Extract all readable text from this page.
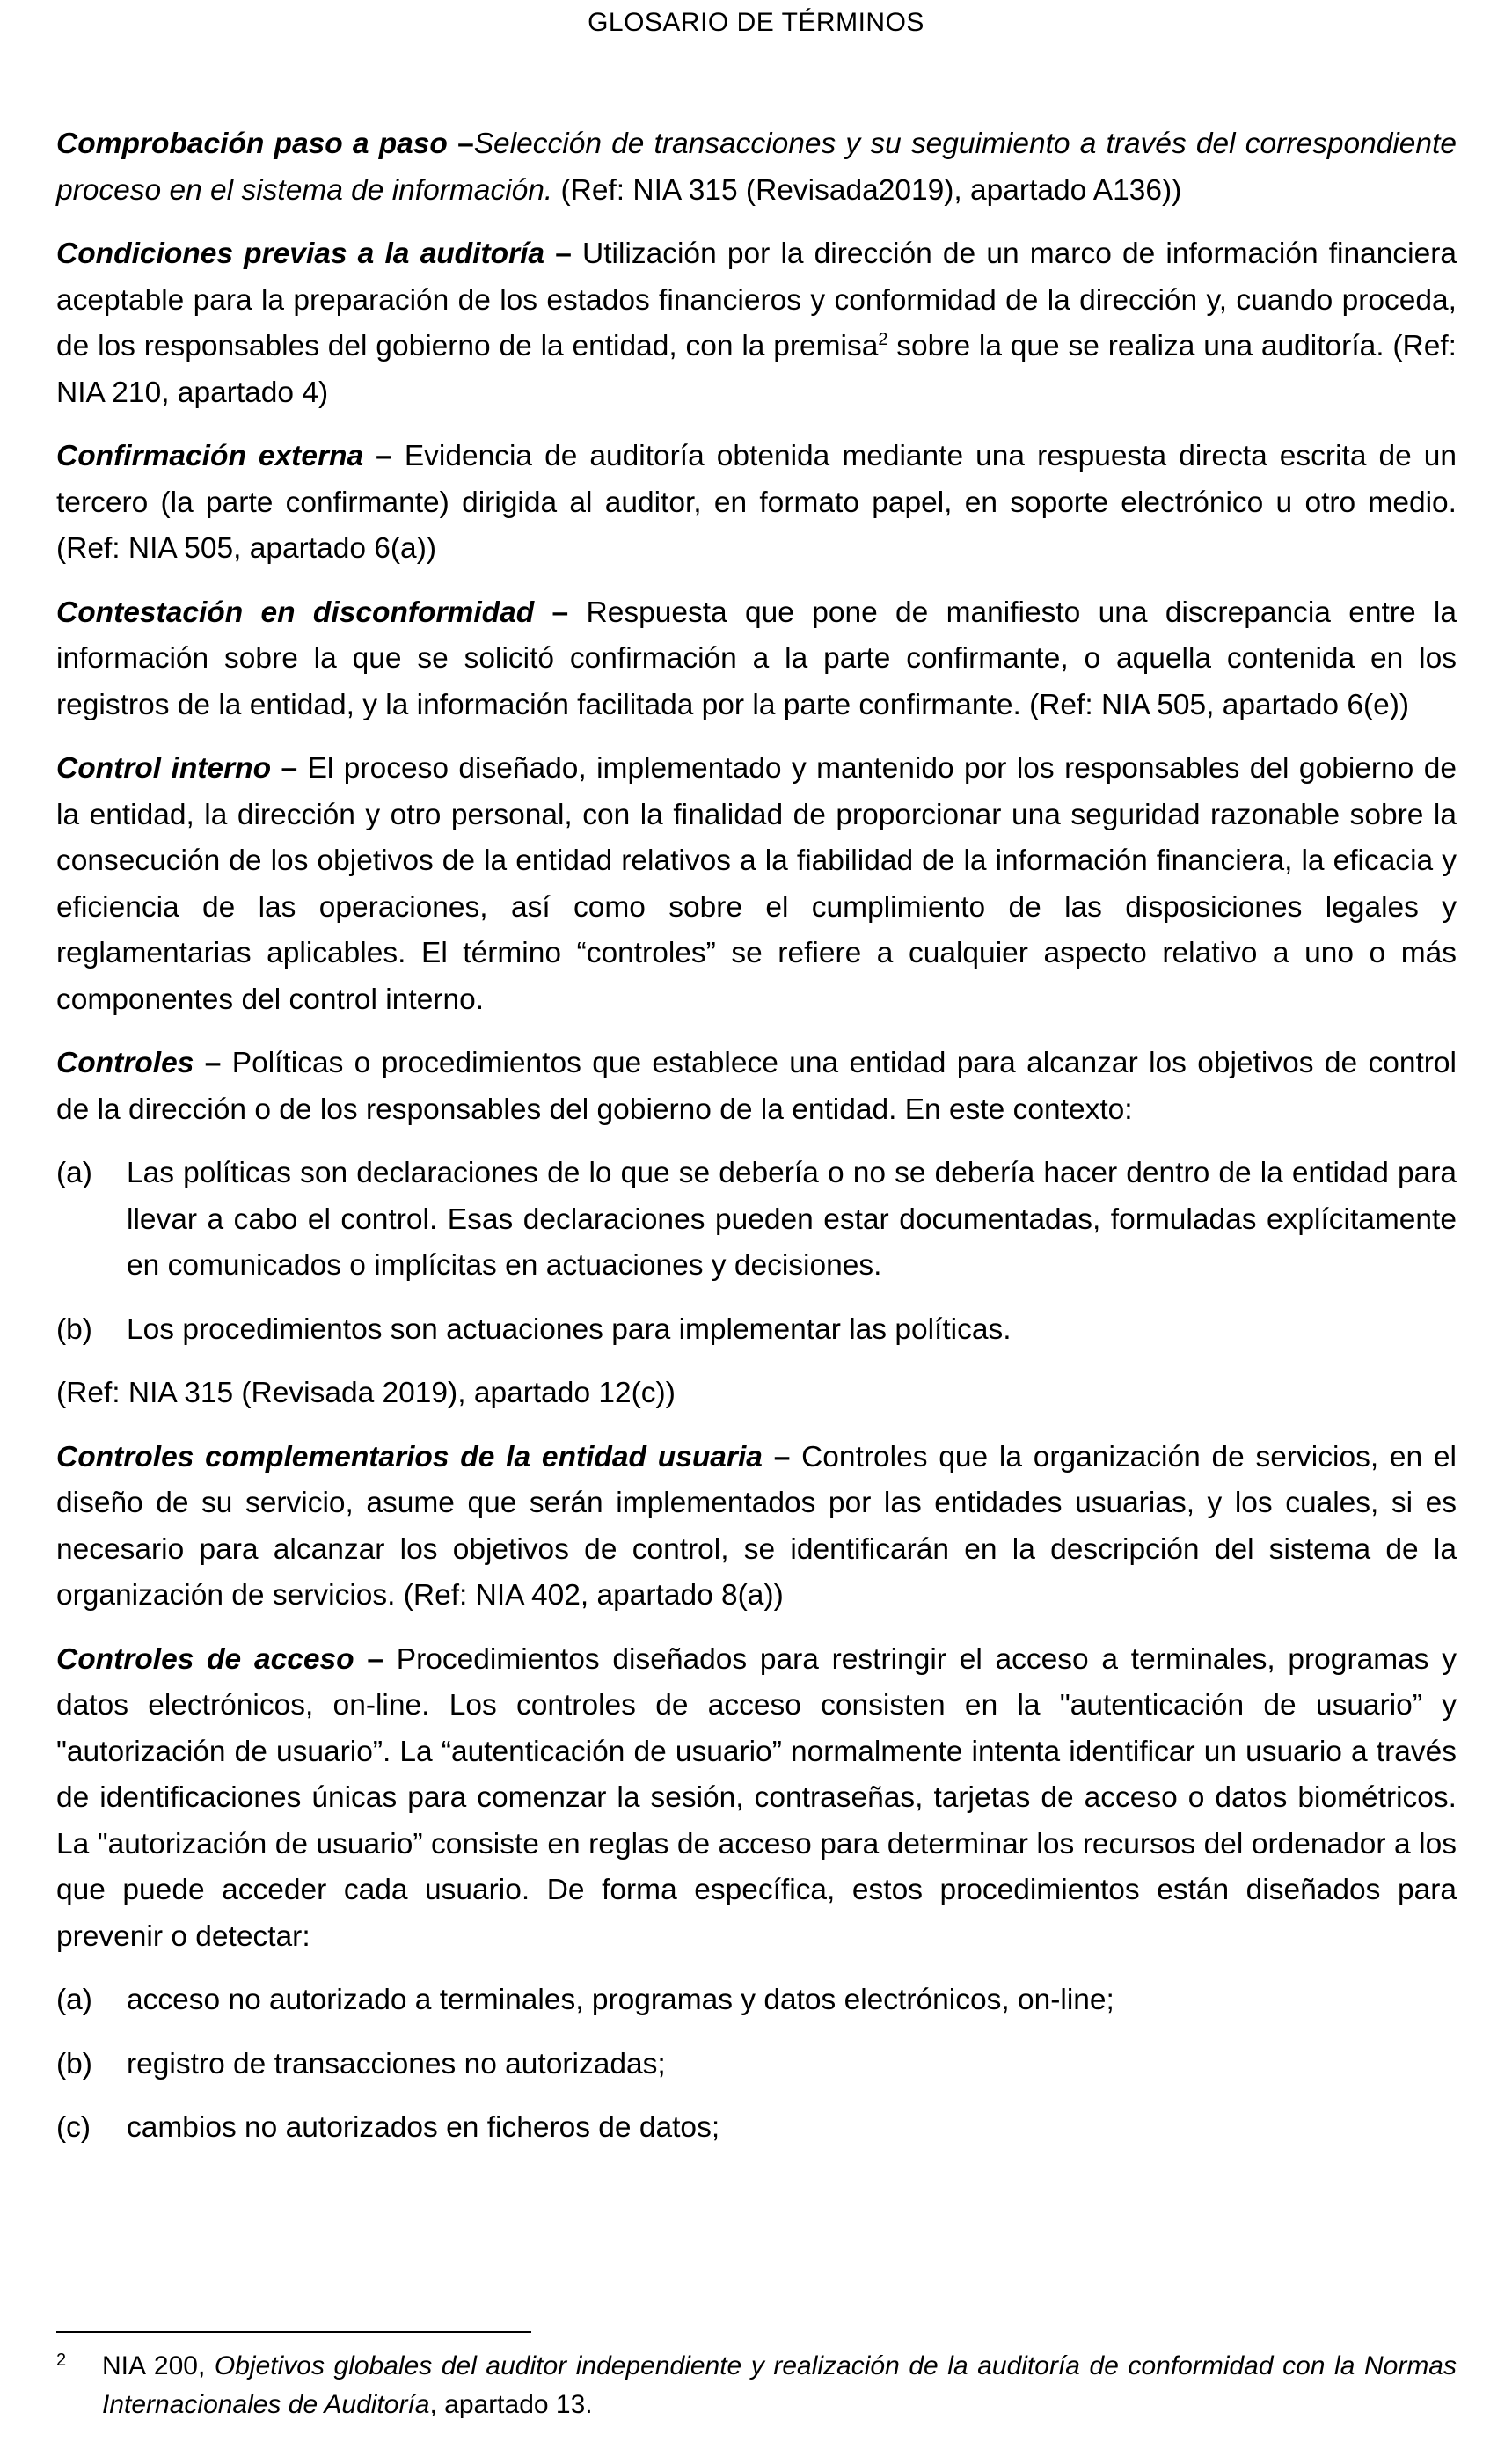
GLOSARIO DE TÉRMINOS

Comprobación paso a paso –Selección de transacciones y su seguimiento a través del correspondiente proceso en el sistema de información. (Ref: NIA 315 (Revisada2019), apartado A136))

Condiciones previas a la auditoría – Utilización por la dirección de un marco de información financiera aceptable para la preparación de los estados financieros y conformidad de la dirección y, cuando proceda, de los responsables del gobierno de la entidad, con la premisa$^2$ sobre la que se realiza una auditoría. (Ref: NIA 210, apartado 4)

Confirmación externa – Evidencia de auditoría obtenida mediante una respuesta directa escrita de un tercero (la parte confirmante) dirigida al auditor, en formato papel, en soporte electrónico u otro medio. (Ref: NIA 505, apartado 6(a))

Contestación en disconformidad – Respuesta que pone de manifiesto una discrepancia entre la información sobre la que se solicitó confirmación a la parte confirmante, o aquella contenida en los registros de la entidad, y la información facilitada por la parte confirmante. (Ref: NIA 505, apartado 6(e))

Control interno – El proceso diseñado, implementado y mantenido por los responsables del gobierno de la entidad, la dirección y otro personal, con la finalidad de proporcionar una seguridad razonable sobre la consecución de los objetivos de la entidad relativos a la fiabilidad de la información financiera, la eficacia y eficiencia de las operaciones, así como sobre el cumplimiento de las disposiciones legales y reglamentarias aplicables. El término “controles” se refiere a cualquier aspecto relativo a uno o más componentes del control interno.

Controles – Políticas o procedimientos que establece una entidad para alcanzar los objetivos de control de la dirección o de los responsables del gobierno de la entidad. En este contexto:

(a)	Las políticas son declaraciones de lo que se debería o no se debería hacer dentro de la entidad para llevar a cabo el control. Esas declaraciones pueden estar documentadas, formuladas explícitamente en comunicados o implícitas en actuaciones y decisiones.
(b)	Los procedimientos son actuaciones para implementar las políticas.

(Ref: NIA 315 (Revisada 2019), apartado 12(c))

Controles complementarios de la entidad usuaria – Controles que la organización de servicios, en el diseño de su servicio, asume que serán implementados por las entidades usuarias, y los cuales, si es necesario para alcanzar los objetivos de control, se identificarán en la descripción del sistema de la organización de servicios. (Ref: NIA 402, apartado 8(a))

Controles de acceso – Procedimientos diseñados para restringir el acceso a terminales, programas y datos electrónicos, on-line. Los controles de acceso consisten en la "autenticación de usuario” y "autorización de usuario”. La “autenticación de usuario” normalmente intenta identificar un usuario a través de identificaciones únicas para comenzar la sesión, contraseñas, tarjetas de acceso o datos biométricos. La "autorización de usuario” consiste en reglas de acceso para determinar los recursos del ordenador a los que puede acceder cada usuario. De forma específica, estos procedimientos están diseñados para prevenir o detectar:

(a)	acceso no autorizado a terminales, programas y datos electrónicos, on-line;
(b)	registro de transacciones no autorizadas;
(c)	cambios no autorizados en ficheros de datos;
2	NIA 200, Objetivos globales del auditor independiente y realización de la auditoría de conformidad con la Normas Internacionales de Auditoría, apartado 13.
